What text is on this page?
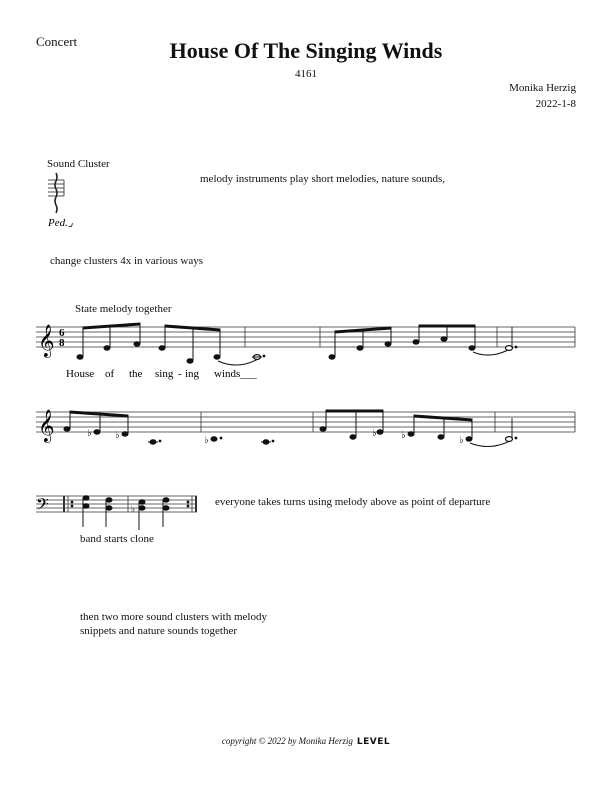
Concert	House Of The Singing Winds
4161
Monika Herzig
2022-1-8
Sound Cluster
melody instruments play short melodies, nature sounds,
change clusters 4x in various ways
State melody together
everyone takes turns using melody above as point of departure
band starts clone
then two more sound clusters with melody
snippets and nature sounds together
copyright © 2022 by Monika Herzig LEVEL
Ped.⌟
𝄞 6
8
House of the sing - ing winds___
𝄞	♭ ♭	♭
♭ ♭	♭
𝄢	♭
